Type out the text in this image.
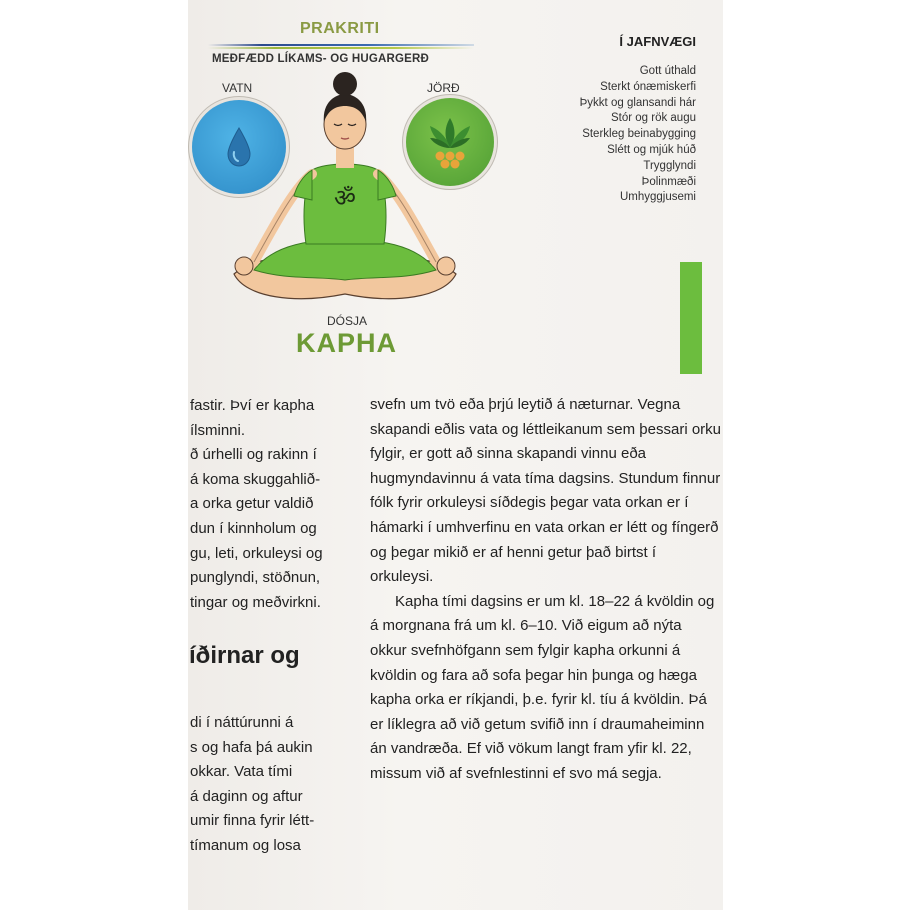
PRAKRITI
MEÐFÆDD LÍKAMS- OG HUGARGERÐ
VATN	JÖRÐ
ॐ
DÓSJA
KAPHA
Í JAFNVÆGI
Gott úthald
Sterkt ónæmiskerfi
Þykkt og glansandi hár
Stór og rök augu
Sterkleg beinabygging
Slétt og mjúk húð
Trygglyndi
Þolinmæði
Umhyggjusemi
fastir. Því er kapha
ílsminni.
ð úrhelli og rakinn í
á koma skuggahlið-
a orka getur valdið
dun í kinnholum og
gu, leti, orkuleysi og
punglyndi, stöðnun,
tingar og meðvirkni.
íðirnar og
di í náttúrunni á
s og hafa þá aukin
okkar. Vata tími
á daginn og aftur
umir finna fyrir létt-
tímanum og losa

svefn um tvö eða þrjú leytið á næturnar. Vegna skapandi eðlis vata og léttleikanum sem þessari orku fylgir, er gott að sinna skapandi vinnu eða hugmyndavinnu á vata tíma dagsins. Stundum finnur fólk fyrir orkuleysi síðdegis þegar vata orkan er í hámarki í umhverfinu en vata orkan er létt og fíngerð og þegar mikið er af henni getur það birtst í orkuleysi.

Kapha tími dagsins er um kl. 18–22 á kvöldin og á morgnana frá um kl. 6–10. Við eigum að nýta okkur svefnhöfgann sem fylgir kapha orkunni á kvöldin og fara að sofa þegar hin þunga og hæga kapha orka er ríkjandi, þ.e. fyrir kl. tíu á kvöldin. Þá er líklegra að við getum svifið inn í draumaheiminn án vandræða. Ef við vökum langt fram yfir kl. 22, missum við af svefnlestinni ef svo má segja.
